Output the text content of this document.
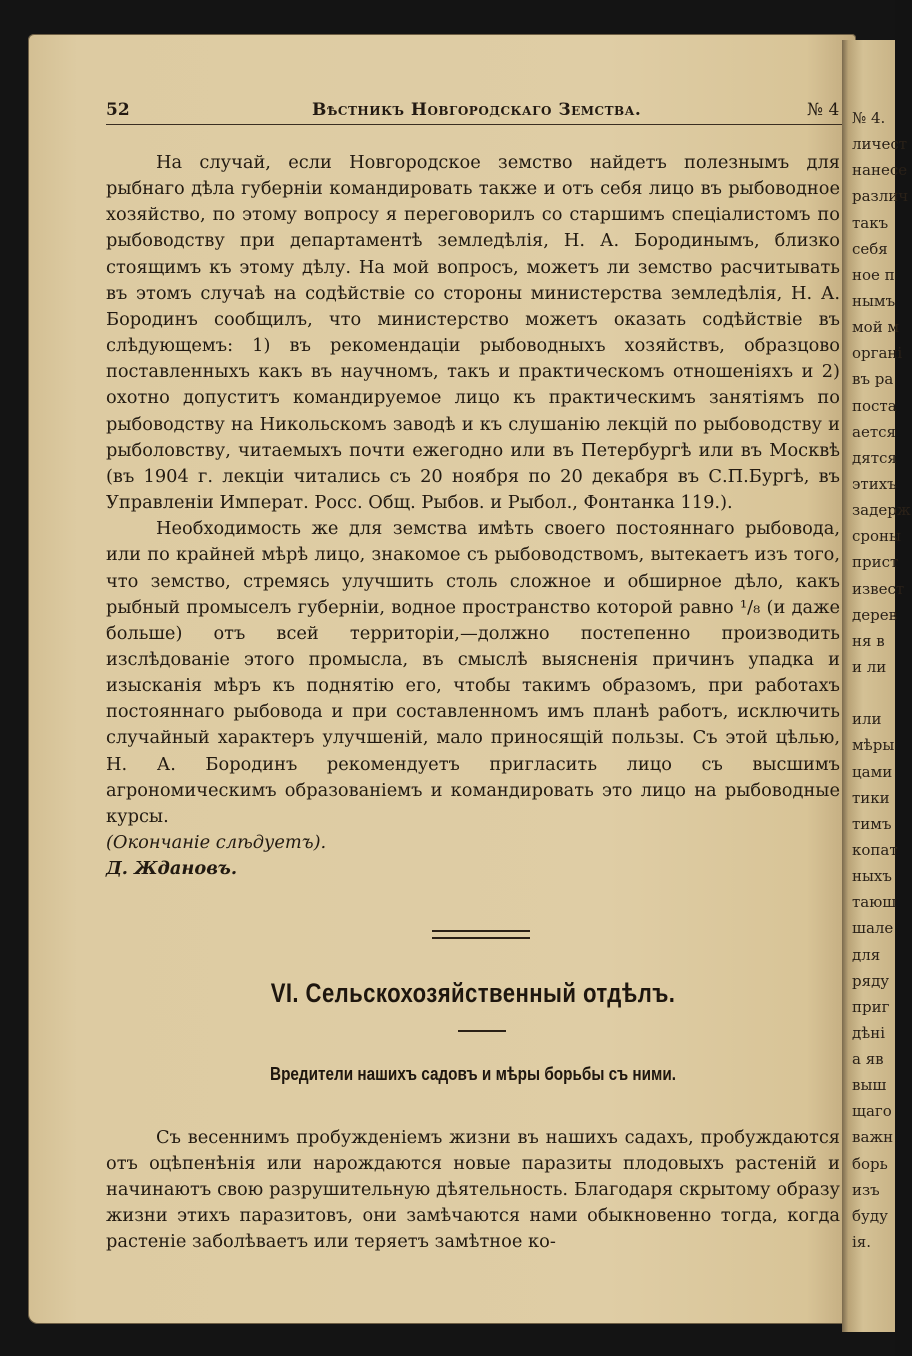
№ 4.
личест
нанесе
различ
такъ
себя
ное п
нымъ
мой м
органі
въ ра
поста
ается
дятся
этихъ
задерж
сроны
прист
извест
дерев
ня в
и ли
или
мѣры
цами
тики
тимъ
копат
ныхъ
таюш
шале
для
ряду
приг
дѣні
а яв
выш
щаго
важн
борь
изъ
буду
ія.
52	Вѣстникъ Новгородскаго Земства.	№ 4

На случай, если Новгородское земство найдетъ полезнымъ для рыбнаго дѣла губерніи командировать также и отъ себя лицо въ рыбоводное хозяйство, по этому вопросу я переговорилъ со старшимъ спеціалистомъ по рыбоводству при департаментѣ земледѣлія, Н. А. Бородинымъ, близко стоящимъ къ этому дѣлу. На мой вопросъ, можетъ ли земство расчитывать въ этомъ случаѣ на содѣйствіе со стороны министерства земледѣлія, Н. А. Бородинъ сообщилъ, что министерство можетъ оказать содѣйствіе въ слѣдующемъ: 1) въ рекомендаціи рыбоводныхъ хозяйствъ, образцово поставленныхъ какъ въ научномъ, такъ и практическомъ отношеніяхъ и 2) охотно допуститъ командируемое лицо къ практическимъ занятіямъ по рыбоводству на Никольскомъ заводѣ и къ слушанію лекцій по рыбоводству и рыболовству, читаемыхъ почти ежегодно или въ Петербургѣ или въ Москвѣ (въ 1904 г. лекціи читались съ 20 ноября по 20 декабря въ С.П.Бургѣ, въ Управленіи Императ. Росс. Общ. Рыбов. и Рыбол., Фонтанка 119.).

Необходимость же для земства имѣть своего постояннаго рыбовода, или по крайней мѣрѣ лицо, знакомое съ рыбоводствомъ, вытекаетъ изъ того, что земство, стремясь улучшить столь сложное и обширное дѣло, какъ рыбный промыселъ губерніи, водное пространство которой равно ¹/₈ (и даже больше) отъ всей территоріи,—должно постепенно производить изслѣдованіе этого промысла, въ смыслѣ выясненія причинъ упадка и изысканія мѣръ къ поднятію его, чтобы такимъ образомъ, при работахъ постояннаго рыбовода и при составленномъ имъ планѣ работъ, исключить случайный характеръ улучшеній, мало приносящій пользы. Съ этой цѣлью, Н. А. Бородинъ рекомендуетъ пригласить лицо съ высшимъ агрономическимъ образованіемъ и командировать это лицо на рыбоводные курсы.

(Окончаніе слѣдуетъ).

Д. Ждановъ.

VI. Сельскохозяйственный отдѣлъ.
Вредители нашихъ садовъ и мѣры борьбы съ ними.

Съ весеннимъ пробужденіемъ жизни въ нашихъ садахъ, пробуждаются отъ оцѣпенѣнія или нарождаются новые паразиты плодовыхъ растеній и начинаютъ свою разрушительную дѣятельность. Благодаря скрытому образу жизни этихъ паразитовъ, они замѣчаются нами обыкновенно тогда, когда растеніе заболѣваетъ или теряетъ замѣтное ко-
